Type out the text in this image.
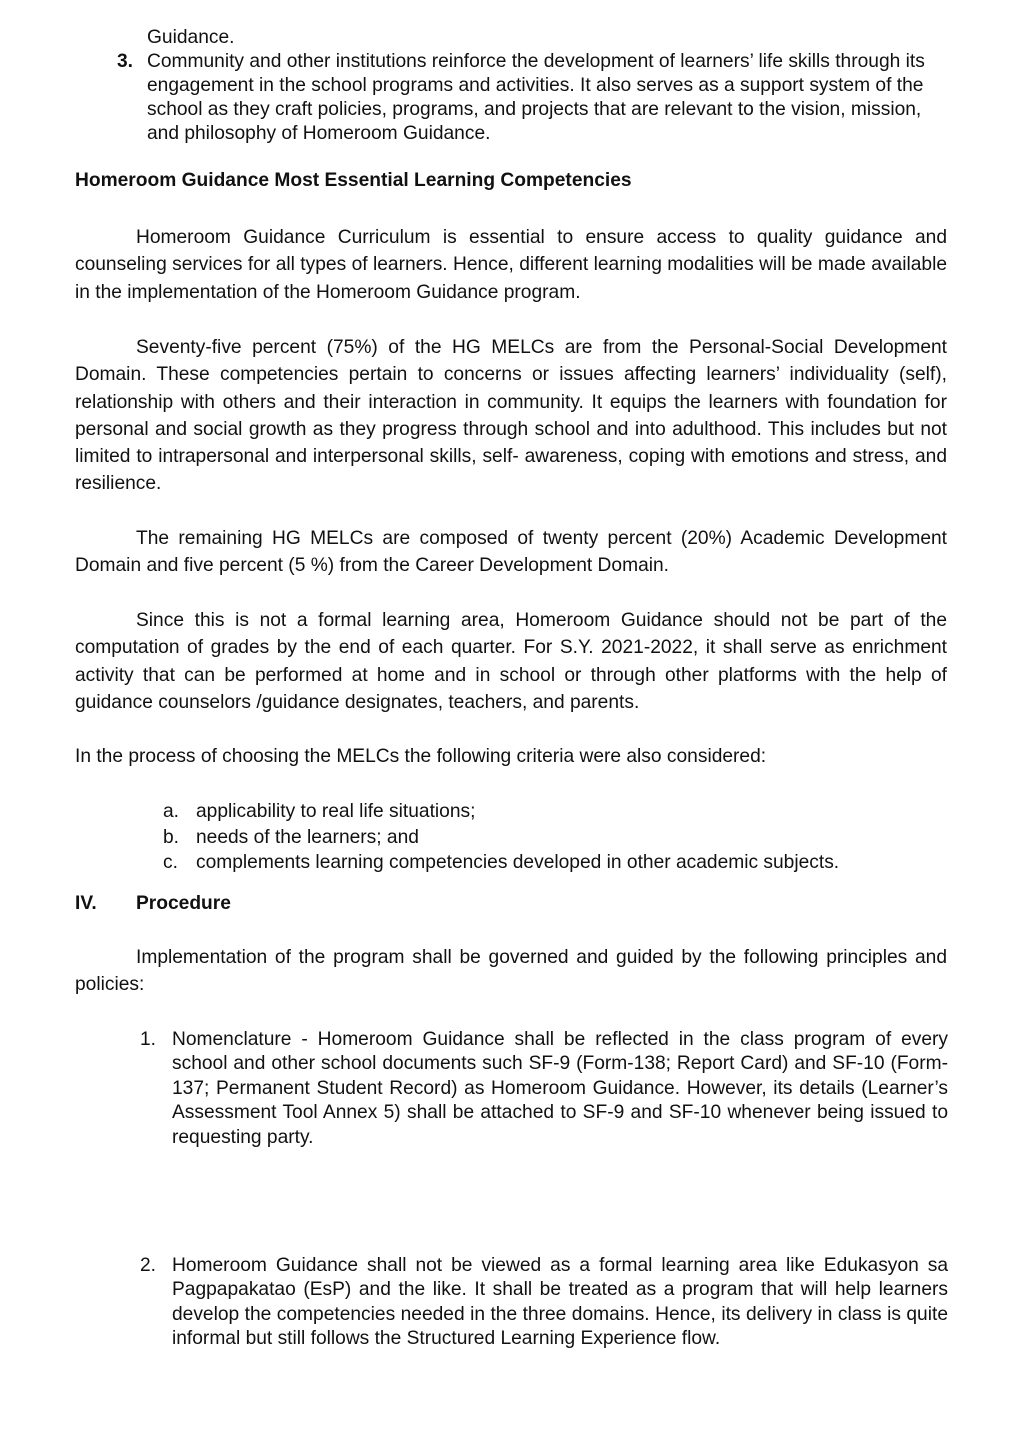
Guidance.
3. Community and other institutions reinforce the development of learners’ life skills through its engagement in the school programs and activities. It also serves as a support system of the school as they craft policies, programs, and projects that are relevant to the vision, mission, and philosophy of Homeroom Guidance.
Homeroom Guidance Most Essential Learning Competencies
Homeroom Guidance Curriculum is essential to ensure access to quality guidance and counseling services for all types of learners. Hence, different learning modalities will be made available in the implementation of the Homeroom Guidance program.
Seventy-five percent (75%) of the HG MELCs are from the Personal-Social Development Domain. These competencies pertain to concerns or issues affecting learners’ individuality (self), relationship with others and their interaction in community. It equips the learners with foundation for personal and social growth as they progress through school and into adulthood. This includes but not limited to intrapersonal and interpersonal skills, self- awareness, coping with emotions and stress, and resilience.
The remaining HG MELCs are composed of twenty percent (20%) Academic Development Domain and five percent (5 %) from the Career Development Domain.
Since this is not a formal learning area, Homeroom Guidance should not be part of the computation of grades by the end of each quarter. For S.Y. 2021-2022, it shall serve as enrichment activity that can be performed at home and in school or through other platforms with the help of guidance counselors /guidance designates, teachers, and parents.
In the process of choosing the MELCs the following criteria were also considered:
a. applicability to real life situations;
b. needs of the learners; and
c. complements learning competencies developed in other academic subjects.
IV. Procedure
Implementation of the program shall be governed and guided by the following principles and policies:
1. Nomenclature - Homeroom Guidance shall be reflected in the class program of every school and other school documents such SF-9 (Form-138; Report Card) and SF-10 (Form-137; Permanent Student Record) as Homeroom Guidance. However, its details (Learner’s Assessment Tool Annex 5) shall be attached to SF-9 and SF-10 whenever being issued to requesting party.
2. Homeroom Guidance shall not be viewed as a formal learning area like Edukasyon sa Pagpapakatao (EsP) and the like. It shall be treated as a program that will help learners develop the competencies needed in the three domains. Hence, its delivery in class is quite informal but still follows the Structured Learning Experience flow.
